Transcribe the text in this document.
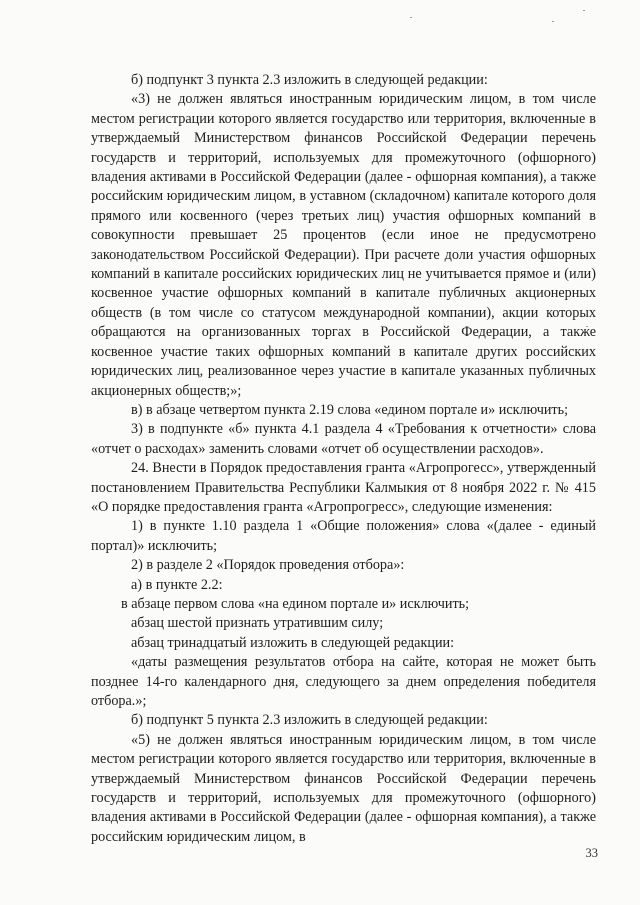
б) подпункт 3 пункта 2.3 изложить в следующей редакции:

«3) не должен являться иностранным юридическим лицом, в том числе местом регистрации которого является государство или территория, включенные в утверждаемый Министерством финансов Российской Федерации перечень государств и территорий, используемых для промежуточного (офшорного) владения активами в Российской Федерации (далее - офшорная компания), а также российским юридическим лицом, в уставном (складочном) капитале которого доля прямого или косвенного (через третьих лиц) участия офшорных компаний в совокупности превышает 25 процентов (если иное не предусмотрено законодательством Российской Федерации). При расчете доли участия офшорных компаний в капитале российских юридических лиц не учитывается прямое и (или) косвенное участие офшорных компаний в капитале публичных акционерных обществ (в том числе со статусом международной компании), акции которых обращаются на организованных торгах в Российской Федерации, а также косвенное участие таких офшорных компаний в капитале других российских юридических лиц, реализованное через участие в капитале указанных публичных акционерных обществ;»;

в) в абзаце четвертом пункта 2.19 слова «едином портале и» исключить;

3) в подпункте «б» пункта 4.1 раздела 4 «Требования к отчетности» слова «отчет о расходах» заменить словами «отчет об осуществлении расходов».

24. Внести в Порядок предоставления гранта «Агропрогесс», утвержденный постановлением Правительства Республики Калмыкия от 8 ноября 2022 г. № 415 «О порядке предоставления гранта «Агропрогресс», следующие изменения:

1) в пункте 1.10 раздела 1 «Общие положения» слова «(далее - единый портал)» исключить;

2) в разделе 2 «Порядок проведения отбора»:

а) в пункте 2.2:

в абзаце первом слова «на едином портале и» исключить;

абзац шестой признать утратившим силу;

абзац тринадцатый изложить в следующей редакции:

«даты размещения результатов отбора на сайте, которая не может быть позднее 14-го календарного дня, следующего за днем определения победителя отбора.»;

б) подпункт 5 пункта 2.3 изложить в следующей редакции:

«5) не должен являться иностранным юридическим лицом, в том числе местом регистрации которого является государство или территория, включенные в утверждаемый Министерством финансов Российской Федерации перечень государств и территорий, используемых для промежуточного (офшорного) владения активами в Российской Федерации (далее - офшорная компания), а также российским юридическим лицом, в

33
